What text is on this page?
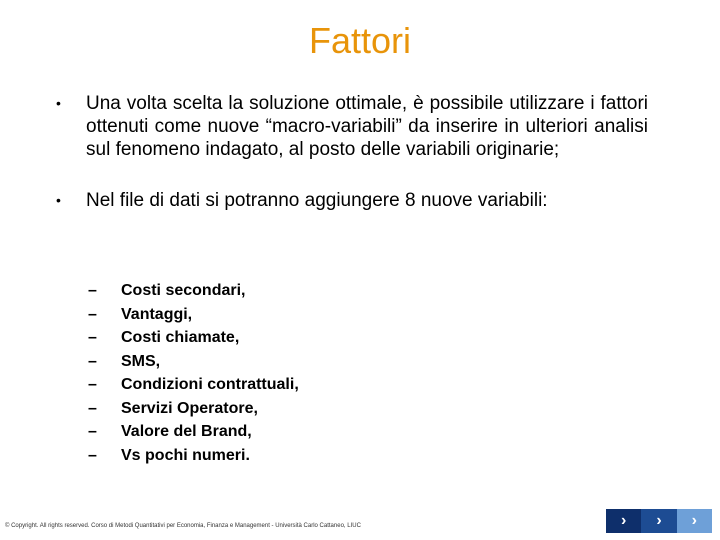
Fattori
•	Una volta scelta la soluzione ottimale, è possibile utilizzare i fattori ottenuti come nuove “macro-variabili” da inserire in ulteriori analisi sul fenomeno indagato, al posto delle variabili originarie;
•	Nel file di dati si potranno aggiungere 8 nuove variabili:
–	Costi secondari,
–	Vantaggi,
–	Costi chiamate,
–	SMS,
–	Condizioni contrattuali,
–	Servizi Operatore,
–	Valore del Brand,
–	Vs pochi numeri.
© Copyright. All rights reserved. Corso di Metodi Quantitativi per Economia, Finanza e Management - Università Carlo Cattaneo, LIUC	›	›	›
